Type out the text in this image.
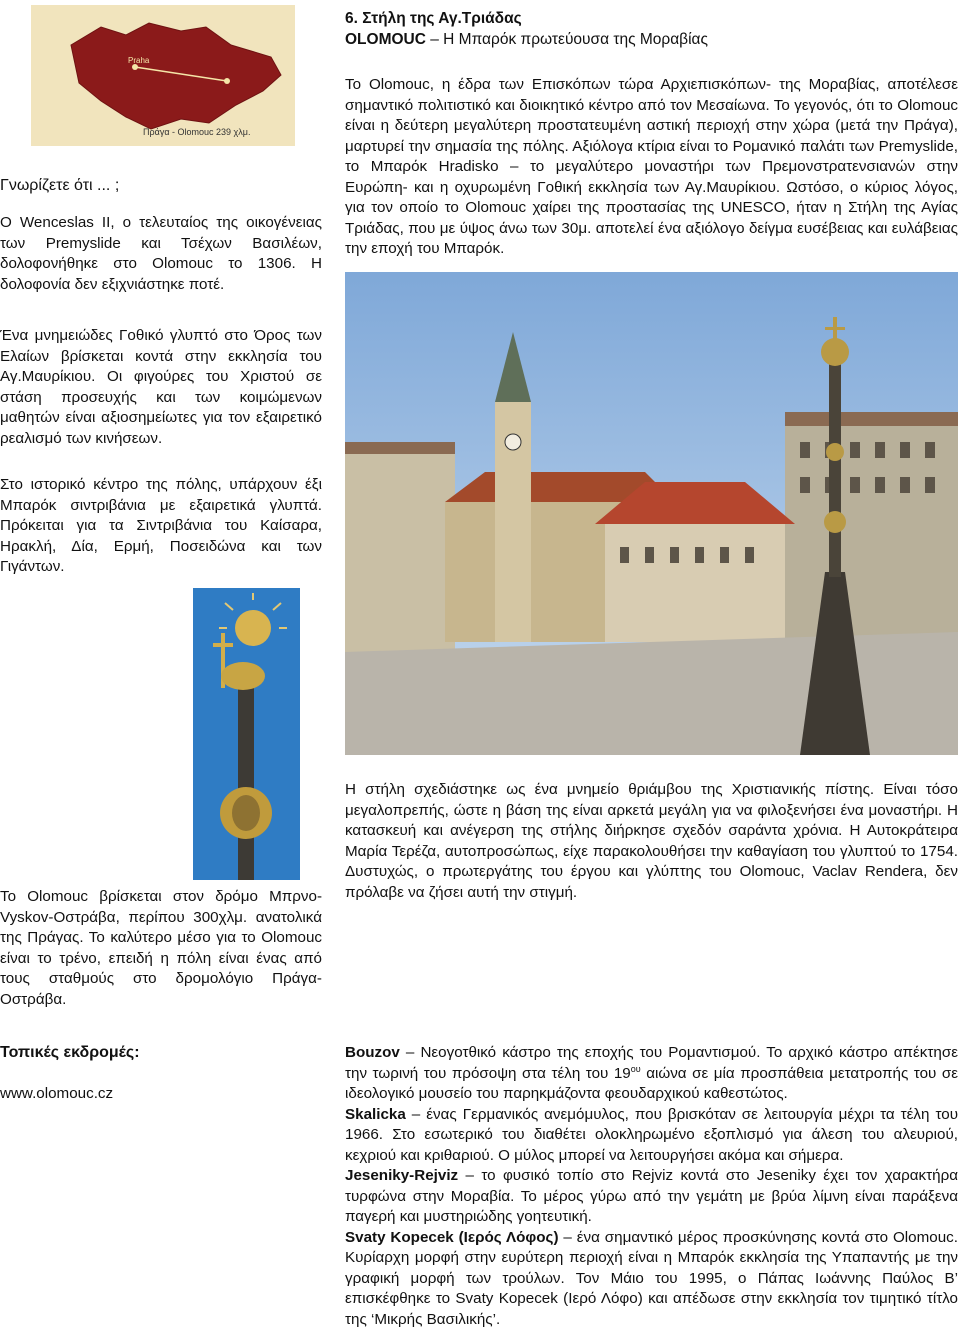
Praha
Πράγα - Olomouc 239 χλμ.
6. Στήλη της Αγ.Τριάδας
OLOMOUC – Η Μπαρόκ πρωτεύουσα της Μοραβίας

Το Olomouc, η έδρα των Επισκόπων τώρα Αρχιεπισκόπων- της Μοραβίας, αποτέλεσε σημαντικό πολιτιστικό και διοικητικό κέντρο από τον Μεσαίωνα. Το γεγονός, ότι το Olomouc είναι η δεύτερη μεγαλύτερη προστατευμένη αστική περιοχή στην χώρα (μετά την Πράγα), μαρτυρεί την σημασία της πόλης. Αξιόλογα κτίρια είναι το Ρομανικό παλάτι των Premyslide, το Μπαρόκ Hradisko – το μεγαλύτερο μοναστήρι των Πρεμονστρατενσιανών στην Ευρώπη- και η οχυρωμένη Γοθική εκκλησία των Αγ.Μαυρίκιου. Ωστόσο, ο κύριος λόγος, για τον οποίο το Olomouc χαίρει της προστασίας της UNESCO, ήταν η Στήλη της Αγίας Τριάδας, που με ύψος άνω των 30μ. αποτελεί ένα αξιόλογο δείγμα ευσέβειας και ευλάβειας την εποχή του Μπαρόκ.

Γνωρίζετε ότι ... ;

Ο Wenceslas II, ο τελευταίος της οικογένειας των Premyslide και Τσέχων Βασιλέων, δολοφονήθηκε στο Olomouc το 1306. Η δολοφονία δεν εξιχνιάστηκε ποτέ.

Ένα μνημειώδες Γοθικό γλυπτό στο Όρος των Ελαίων βρίσκεται κοντά στην εκκλησία του Αγ.Μαυρίκιου. Οι φιγούρες του Χριστού σε στάση προσευχής και των κοιμώμενων μαθητών είναι αξιοσημείωτες για τον εξαιρετικό ρεαλισμό των κινήσεων.

Στο ιστορικό κέντρο της πόλης, υπάρχουν έξι Μπαρόκ σιντριβάνια με εξαιρετικά γλυπτά. Πρόκειται για τα Σιντριβάνια του Καίσαρα, Ηρακλή, Δία, Ερμή, Ποσειδώνα και των Γιγάντων.

Η στήλη σχεδιάστηκε ως ένα μνημείο θριάμβου της Χριστιανικής πίστης. Είναι τόσο μεγαλοπρεπής, ώστε η βάση της είναι αρκετά μεγάλη για να φιλοξενήσει ένα μοναστήρι. Η κατασκευή και ανέγερση της στήλης διήρκησε σχεδόν σαράντα χρόνια. Η Αυτοκράτειρα Μαρία Τερέζα, αυτοπροσώπως, είχε παρακολουθήσει την καθαγίαση του γλυπτού το 1754. Δυστυχώς, ο πρωτεργάτης του έργου και γλύπτης του Olomouc, Vaclav Rendera, δεν πρόλαβε να ζήσει αυτή την στιγμή.

Το Olomouc βρίσκεται στον δρόμο Μπρνο-Vyskov-Οστράβα, περίπου 300χλμ. ανατολικά της Πράγας. Το καλύτερο μέσο για το Olomouc είναι το τρένο, επειδή η πόλη είναι ένας από τους σταθμούς στο δρομολόγιο Πράγα-Οστράβα.

Τοπικές εκδρομές:
www.olomouc.cz

Bouzov – Νεογοτθικό κάστρο της εποχής του Ρομαντισμού. Το αρχικό κάστρο απέκτησε την τωρινή του πρόσοψη στα τέλη του $19^{o\upsilon}$ αιώνα σε μία προσπάθεια μετατροπής του σε ιδεολογικό μουσείο του παρηκμάζοντα φεουδαρχικού καθεστώτος.

Skalicka – ένας Γερμανικός ανεμόμυλος, που βρισκόταν σε λειτουργία μέχρι τα τέλη του 1966. Στο εσωτερικό του διαθέτει ολοκληρωμένο εξοπλισμό για άλεση του αλευριού, κεχριού και κριθαριού. Ο μύλος μπορεί να λειτουργήσει ακόμα και σήμερα.

Jeseniky-Rejviz – το φυσικό τοπίο στο Rejviz κοντά στο Jeseniky έχει τον χαρακτήρα τυρφώνα στην Μοραβία. Το μέρος γύρω από την γεμάτη με βρύα λίμνη είναι παράξενα παγερή και μυστηριώδης γοητευτική.

Svaty Kopecek (Ιερός Λόφος) – ένα σημαντικό μέρος προσκύνησης κοντά στο Olomouc. Κυρίαρχη μορφή στην ευρύτερη περιοχή είναι η Μπαρόκ εκκλησία της Υπαπαντής με την γραφική μορφή των τρούλων. Τον Μάιο του 1995, ο Πάπας Ιωάννης Παύλος Β’ επισκέφθηκε το Svaty Kopecek (Ιερό Λόφο) και απέδωσε στην εκκλησία τον τιμητικό τίτλο της ‘Μικρής Βασιλικής’.
